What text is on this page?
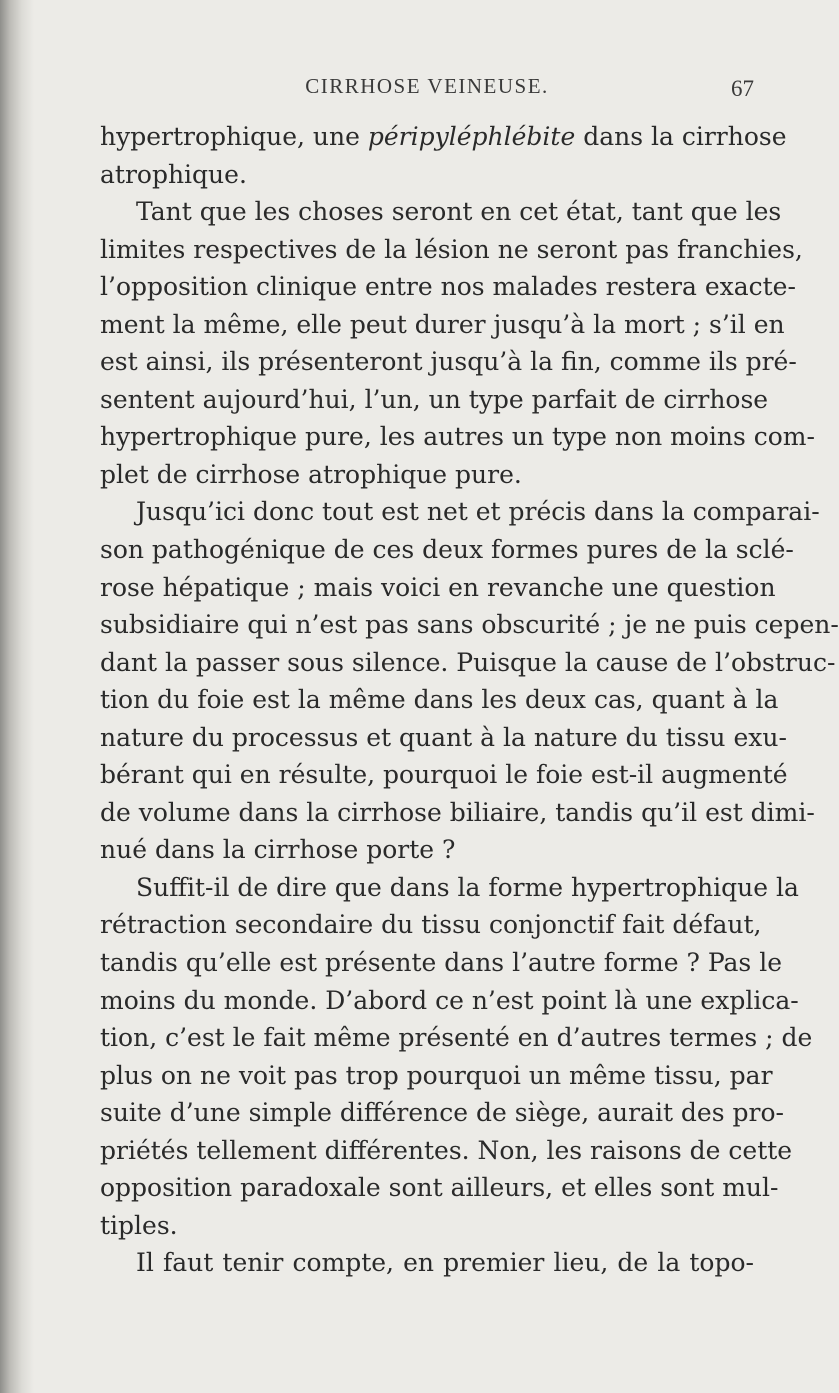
CIRRHOSE VEINEUSE.	67
hypertrophique, une péripyléphlébite dans la cirrhose
atrophique.
Tant que les choses seront en cet état, tant que les
limites respectives de la lésion ne seront pas franchies,
l’opposition clinique entre nos malades restera exacte-
ment la même, elle peut durer jusqu’à la mort ; s’il en
est ainsi, ils présenteront jusqu’à la fin, comme ils pré-
sentent aujourd’hui, l’un, un type parfait de cirrhose
hypertrophique pure, les autres un type non moins com-
plet de cirrhose atrophique pure.
Jusqu’ici donc tout est net et précis dans la comparai-
son pathogénique de ces deux formes pures de la sclé-
rose hépatique ; mais voici en revanche une question
subsidiaire qui n’est pas sans obscurité ; je ne puis cepen-
dant la passer sous silence. Puisque la cause de l’obstruc-
tion du foie est la même dans les deux cas, quant à la
nature du processus et quant à la nature du tissu exu-
bérant qui en résulte, pourquoi le foie est-il augmenté
de volume dans la cirrhose biliaire, tandis qu’il est dimi-
nué dans la cirrhose porte ?
Suffit-il de dire que dans la forme hypertrophique la
rétraction secondaire du tissu conjonctif fait défaut,
tandis qu’elle est présente dans l’autre forme ? Pas le
moins du monde. D’abord ce n’est point là une explica-
tion, c’est le fait même présenté en d’autres termes ; de
plus on ne voit pas trop pourquoi un même tissu, par
suite d’une simple différence de siège, aurait des pro-
priétés tellement différentes. Non, les raisons de cette
opposition paradoxale sont ailleurs, et elles sont mul-
tiples.
Il faut tenir compte, en premier lieu, de la topo-
